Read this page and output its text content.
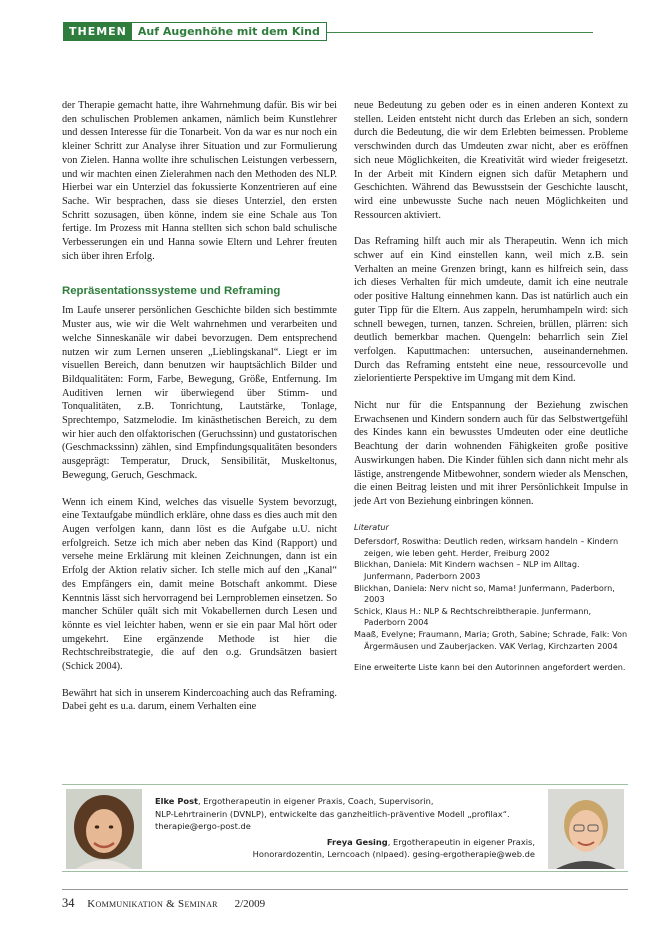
THEMEN	Auf Augenhöhe mit dem Kind

der Therapie gemacht hatte, ihre Wahrnehmung dafür. Bis wir bei den schulischen Problemen ankamen, nämlich beim Kunstlehrer und dessen Interesse für die Tonarbeit. Von da war es nur noch ein kleiner Schritt zur Analyse ihrer Situation und zur Formulierung von Zielen. Hanna wollte ihre schulischen Leistungen verbessern, und wir machten einen Zielerahmen nach den Methoden des NLP. Hierbei war ein Unterziel das fokussierte Konzentrieren auf eine Sache. Wir besprachen, dass sie dieses Unterziel, den ersten Schritt sozusagen, üben könne, indem sie eine Schale aus Ton fertige. Im Prozess mit Hanna stellten sich schon bald schulische Verbesserungen ein und Hanna sowie Eltern und Lehrer freuten sich über ihren Erfolg.

Repräsentationssysteme und Reframing

Im Laufe unserer persönlichen Geschichte bilden sich bestimmte Muster aus, wie wir die Welt wahrnehmen und verarbeiten und welche Sinneskanäle wir dabei bevorzugen. Dem entsprechend nutzen wir zum Lernen unseren „Lieblingskanal“. Liegt er im visuellen Bereich, dann benutzen wir hauptsächlich Bilder und Bildqualitäten: Form, Farbe, Bewegung, Größe, Entfernung. Im Auditiven lernen wir überwiegend über Stimm- und Tonqualitäten, z.B. Tonrichtung, Lautstärke, Tonlage, Sprechtempo, Satzmelodie. Im kinästhetischen Bereich, zu dem wir hier auch den olfaktorischen (Geruchssinn) und gustatorischen (Geschmackssinn) zählen, sind Empfindungsqualitäten besonders ausgeprägt: Temperatur, Druck, Sensibilität, Muskeltonus, Bewegung, Geruch, Geschmack.

Wenn ich einem Kind, welches das visuelle System bevorzugt, eine Textaufgabe mündlich erkläre, ohne dass es dies auch mit den Augen verfolgen kann, dann löst es die Aufgabe u.U. nicht erfolgreich. Setze ich mich aber neben das Kind (Rapport) und versehe meine Erklärung mit kleinen Zeichnungen, dann ist ein Erfolg der Aktion relativ sicher. Ich stelle mich auf den „Kanal“ des Empfängers ein, damit meine Botschaft ankommt. Diese Kenntnis lässt sich hervorragend bei Lernproblemen einsetzen. So mancher Schüler quält sich mit Vokabellernen durch Lesen und könnte es viel leichter haben, wenn er sie ein paar Mal hört oder umgekehrt. Eine ergänzende Methode ist hier die Rechtschreibstrategie, die auf den o.g. Grundsätzen basiert (Schick 2004).

Bewährt hat sich in unserem Kindercoaching auch das Reframing. Dabei geht es u.a. darum, einem Verhalten eine

neue Bedeutung zu geben oder es in einen anderen Kontext zu stellen. Leiden entsteht nicht durch das Erleben an sich, sondern durch die Bedeutung, die wir dem Erlebten beimessen. Probleme verschwinden durch das Umdeuten zwar nicht, aber es eröffnen sich neue Möglichkeiten, die Kreativität wird wieder freigesetzt. In der Arbeit mit Kindern eignen sich dafür Metaphern und Geschichten. Während das Bewusstsein der Geschichte lauscht, wird eine unbewusste Suche nach neuen Möglichkeiten und Ressourcen aktiviert.

Das Reframing hilft auch mir als Therapeutin. Wenn ich mich schwer auf ein Kind einstellen kann, weil mich z.B. sein Verhalten an meine Grenzen bringt, kann es hilfreich sein, dass ich dieses Verhalten für mich umdeute, damit ich eine neutrale oder positive Haltung einnehmen kann. Das ist natürlich auch ein guter Tipp für die Eltern. Aus zappeln, herumhampeln wird: sich schnell bewegen, turnen, tanzen. Schreien, brüllen, plärren: sich deutlich bemerkbar machen. Quengeln: beharrlich sein Ziel verfolgen. Kaputtmachen: untersuchen, auseinandernehmen. Durch das Reframing entsteht eine neue, ressourcevolle und zielorientierte Perspektive im Umgang mit dem Kind.

Nicht nur für die Entspannung der Beziehung zwischen Erwachsenen und Kindern sondern auch für das Selbstwertgefühl des Kindes kann ein bewusstes Umdeuten oder eine deutliche Beachtung der darin wohnenden Fähigkeiten große positive Auswirkungen haben. Die Kinder fühlen sich dann nicht mehr als lästige, anstrengende Mitbewohner, sondern wieder als Menschen, die einen Beitrag leisten und mit ihrer Persönlichkeit Impulse in jede Art von Beziehung einbringen können.

Literatur
Defersdorf, Roswitha: Deutlich reden, wirksam handeln – Kindern zeigen, wie leben geht. Herder, Freiburg 2002
Blickhan, Daniela: Mit Kindern wachsen – NLP im Alltag. Junfermann, Paderborn 2003
Blickhan, Daniela: Nerv nicht so, Mama! Junfermann, Paderborn, 2003
Schick, Klaus H.: NLP & Rechtschreibtherapie. Junfermann, Paderborn 2004
Maaß, Evelyne; Fraumann, Maria; Groth, Sabine; Schrade, Falk: Von Ärgermäusen und Zauberjacken. VAK Verlag, Kirchzarten 2004
Eine erweiterte Liste kann bei den Autorinnen angefordert werden.
Elke Post, Ergotherapeutin in eigener Praxis, Coach, Supervisorin,
NLP-Lehrtrainerin (DVNLP), entwickelte das ganzheitlich-präventive Modell „profilax“.
therapie@ergo-post.de
Freya Gesing, Ergotherapeutin in eigener Praxis,
Honorardozentin, Lerncoach (nlpaed). gesing-ergotherapie@web.de
34 Kommunikation & Seminar 2/2009
